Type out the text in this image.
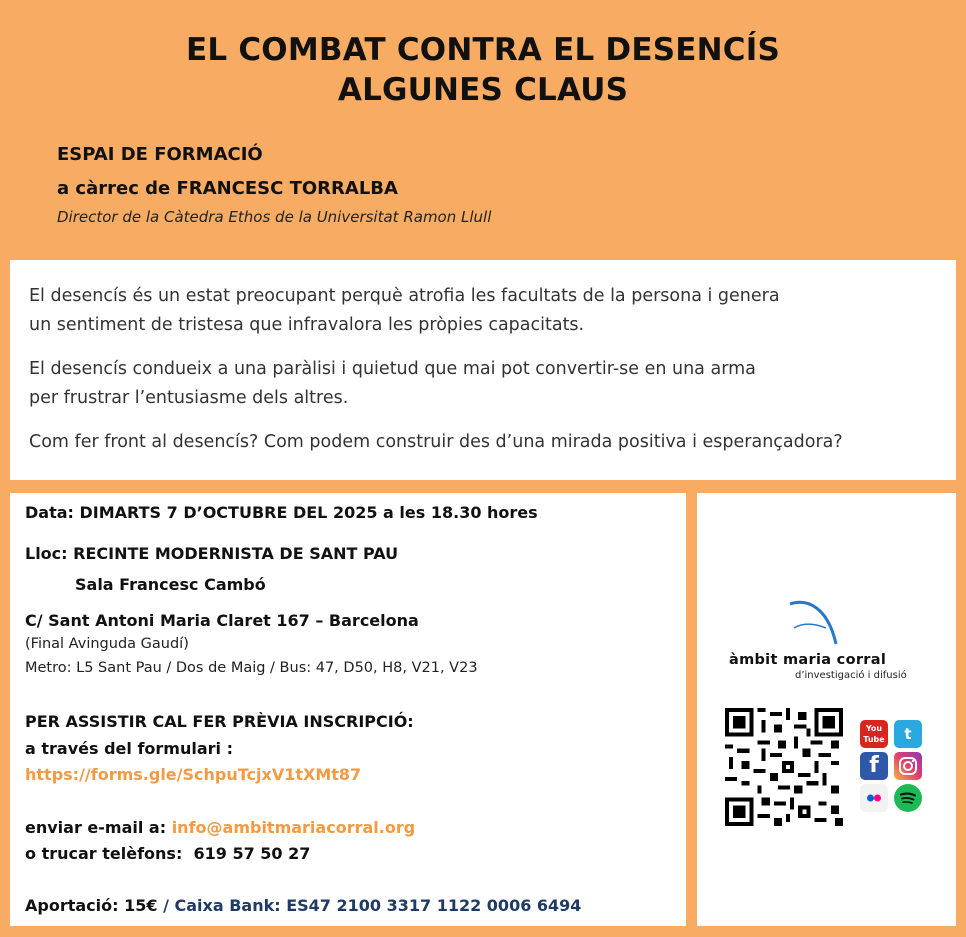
EL COMBAT CONTRA EL DESENCÍS
ALGUNES CLAUS
ESPAI DE FORMACIÓ
a càrrec de FRANCESC TORRALBA
Director de la Càtedra Ethos de la Universitat Ramon Llull

El desencís és un estat preocupant perquè atrofia les facultats de la persona i genera
un sentiment de tristesa que infravalora les pròpies capacitats.

El desencís condueix a una paràlisi i quietud que mai pot convertir-se en una arma
per frustrar l’entusiasme dels altres.

Com fer front al desencís? Com podem construir des d’una mirada positiva i esperançadora?

Data: DIMARTS 7 D’OCTUBRE DEL 2025 a les 18.30 hores
Lloc: RECINTE MODERNISTA DE SANT PAU
Sala Francesc Cambó
C/ Sant Antoni Maria Claret 167 – Barcelona
(Final Avinguda Gaudí)
Metro: L5 Sant Pau / Dos de Maig / Bus: 47, D50, H8, V21, V23
PER ASSISTIR CAL FER PRÈVIA INSCRIPCIÓ:
a través del formulari :
https://forms.gle/SchpuTcjxV1tXMt87
enviar e-mail a: info@ambitmariacorral.org
o trucar telèfons: 619 57 50 27
Aportació: 15€ / Caixa Bank: ES47 2100 3317 1122 0006 6494
àmbit maria corral
d’investigació i difusió
You Tube	t
f
